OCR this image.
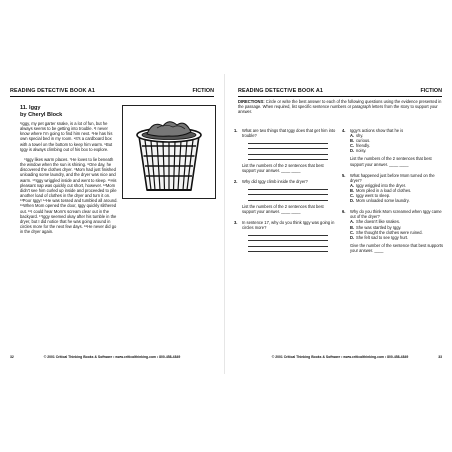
READING DETECTIVE BOOK A1	FICTION
11. Iggy
by Cheryl Block

¹Iggy, my pet garter snake, is a lot of fun, but he always seems to be getting into trouble. ²I never know where I'm going to find him next. ³He has his own special bed in my room. ⁴It's a cardboard box with a towel on the bottom to keep him warm. ⁵But Iggy is always climbing out of his box to explore.

⁶Iggy likes warm places. ⁷He loves to lie beneath the window when the sun is shining. ⁸One day, he discovered the clothes dryer. ⁹Mom had just finished unloading some laundry, and the dryer was nice and warm. ¹⁰Iggy wriggled inside and went to sleep. ¹¹His pleasant nap was quickly cut short, however. ¹²Mom didn't see him curled up inside and proceeded to pile another load of clothes in the dryer and turn it on. ¹³Poor Iggy! ¹⁴He was tossed and tumbled all around. ¹⁵When Mom opened the door, Iggy quickly slithered out. ¹⁶I could hear Mom's scream clear out in the backyard. ¹⁷Iggy seemed okay after his tumble in the dryer, but I did notice that he was going around in circles more for the next few days. ¹⁸He never did go in the dryer again.

32	© 2001 Critical Thinking Books & Software • www.criticalthinking.com • 800-458-4849
READING DETECTIVE BOOK A1	FICTION
DIRECTIONS: Circle or write the best answer to each of the following questions using the evidence presented in the passage. When required, list specific sentence numbers or paragraph letters from the story to support your answer.
1. What are two things that Iggy does that get him into trouble?
List the numbers of the 2 sentences that best support your answer. ____ ____
2. Why did Iggy climb inside the dryer?
List the numbers of the 2 sentences that best support your answer. ____ ____
3. In sentence 17, why do you think Iggy was going in circles more?
4. Iggy's actions show that he is
A. shy.
B. curious.
C. friendly.
D. noisy.
List the numbers of the 2 sentences that best support your answer. ____ ____
5. What happened just before Mom turned on the dryer?
A. Iggy wriggled into the dryer.
B. Mom piled in a load of clothes.
C. Iggy went to sleep.
D. Mom unloaded some laundry.
6. Why do you think Mom screamed when Iggy came out of the dryer?
A. She doesn't like snakes.
B. She was startled by Iggy.
C. She thought the clothes were ruined.
D. She felt sad to see Iggy hurt.
Give the number of the sentence that best supports your answer. ____
© 2001 Critical Thinking Books & Software • www.criticalthinking.com • 800-458-4849	33
